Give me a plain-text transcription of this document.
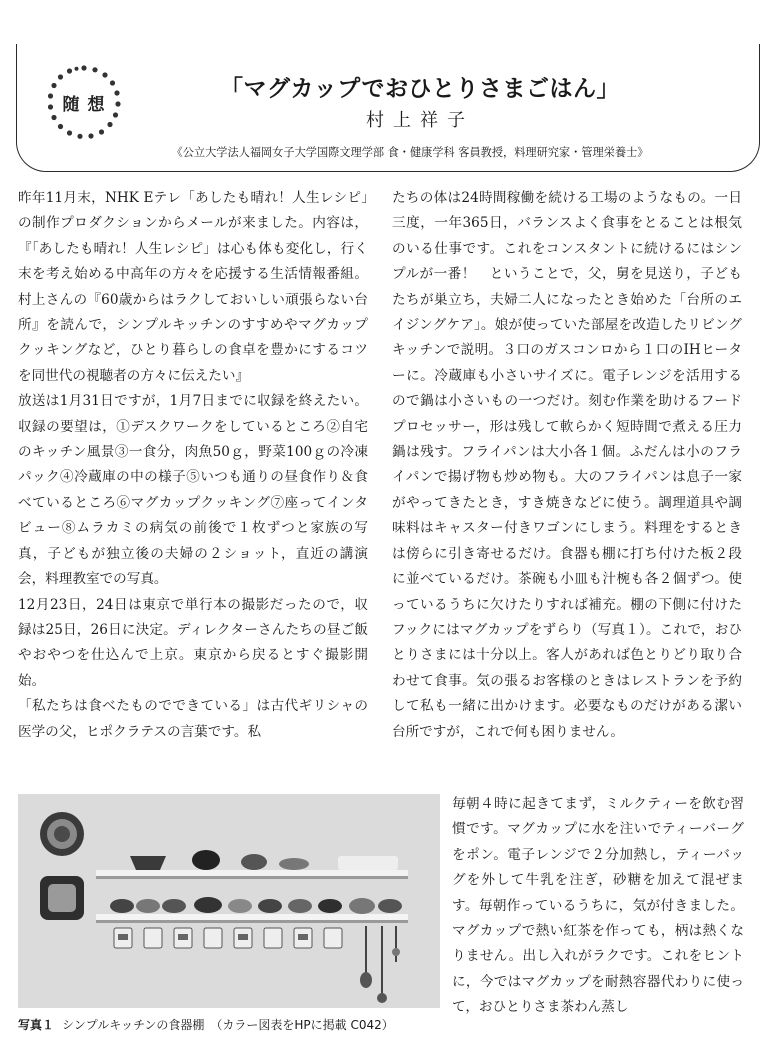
随 想
「マグカップでおひとりさまごはん」
村上祥子
《公立大学法人福岡女子大学国際文理学部 食・健康学科 客員教授，料理研究家・管理栄養士》

昨年11月末，NHK Eテレ「あしたも晴れ！人生レシピ」の制作プロダクションからメールが来ました。内容は，『「あしたも晴れ！人生レシピ」は心も体も変化し，行く末を考え始める中高年の方々を応援する生活情報番組。村上さんの『60歳からはラクしておいしい頑張らない台所』を読んで，シンプルキッチンのすすめやマグカップクッキングなど，ひとり暮らしの食卓を豊かにするコツを同世代の視聴者の方々に伝えたい』

放送は1月31日ですが，1月7日までに収録を終えたい。収録の要望は，①デスクワークをしているところ②自宅のキッチン風景③一食分，肉魚50ｇ，野菜100ｇの冷凍パック④冷蔵庫の中の様子⑤いつも通りの昼食作り＆食べているところ⑥マグカップクッキング⑦座ってインタビュー⑧ムラカミの病気の前後で１枚ずつと家族の写真，子どもが独立後の夫婦の２ショット，直近の講演会，料理教室での写真。

12月23日，24日は東京で単行本の撮影だったので，収録は25日，26日に決定。ディレクターさんたちの昼ご飯やおやつを仕込んで上京。東京から戻るとすぐ撮影開始。

「私たちは食べたものでできている」は古代ギリシャの医学の父，ヒポクラテスの言葉です。私

たちの体は24時間稼働を続ける工場のようなもの。一日三度，一年365日，バランスよく食事をとることは根気のいる仕事です。これをコンスタントに続けるにはシンプルが一番！　ということで，父，舅を見送り，子どもたちが巣立ち，夫婦二人になったとき始めた「台所のエイジングケア」。娘が使っていた部屋を改造したリビングキッチンで説明。３口のガスコンロから１口のIHヒーターに。冷蔵庫も小さいサイズに。電子レンジを活用するので鍋は小さいもの一つだけ。刻む作業を助けるフードプロセッサー，形は残して軟らかく短時間で煮える圧力鍋は残す。フライパンは大小各１個。ふだんは小のフライパンで揚げ物も炒め物も。大のフライパンは息子一家がやってきたとき，すき焼きなどに使う。調理道具や調味料はキャスター付きワゴンにしまう。料理をするときは傍らに引き寄せるだけ。食器も棚に打ち付けた板２段に並べているだけ。茶碗も小皿も汁椀も各２個ずつ。使っているうちに欠けたりすれば補充。棚の下側に付けたフックにはマグカップをずらり（写真１）。これで，おひとりさまには十分以上。客人があれば色とりどり取り合わせて食事。気の張るお客様のときはレストランを予約して私も一緒に出かけます。必要なものだけがある潔い台所ですが，これで何も困りません。

毎朝４時に起きてまず，ミルクティーを飲む習慣です。マグカップに水を注いでティーバーグをポン。電子レンジで２分加熱し，ティーバッグを外して牛乳を注ぎ，砂糖を加えて混ぜます。毎朝作っているうちに，気が付きました。マグカップで熱い紅茶を作っても，柄は熱くなりません。出し入れがラクです。これをヒントに，今ではマグカップを耐熱容器代わりに使って，おひとりさま茶わん蒸し

写真１ シンプルキッチンの食器棚　（カラー図表をHPに掲載 C042）
